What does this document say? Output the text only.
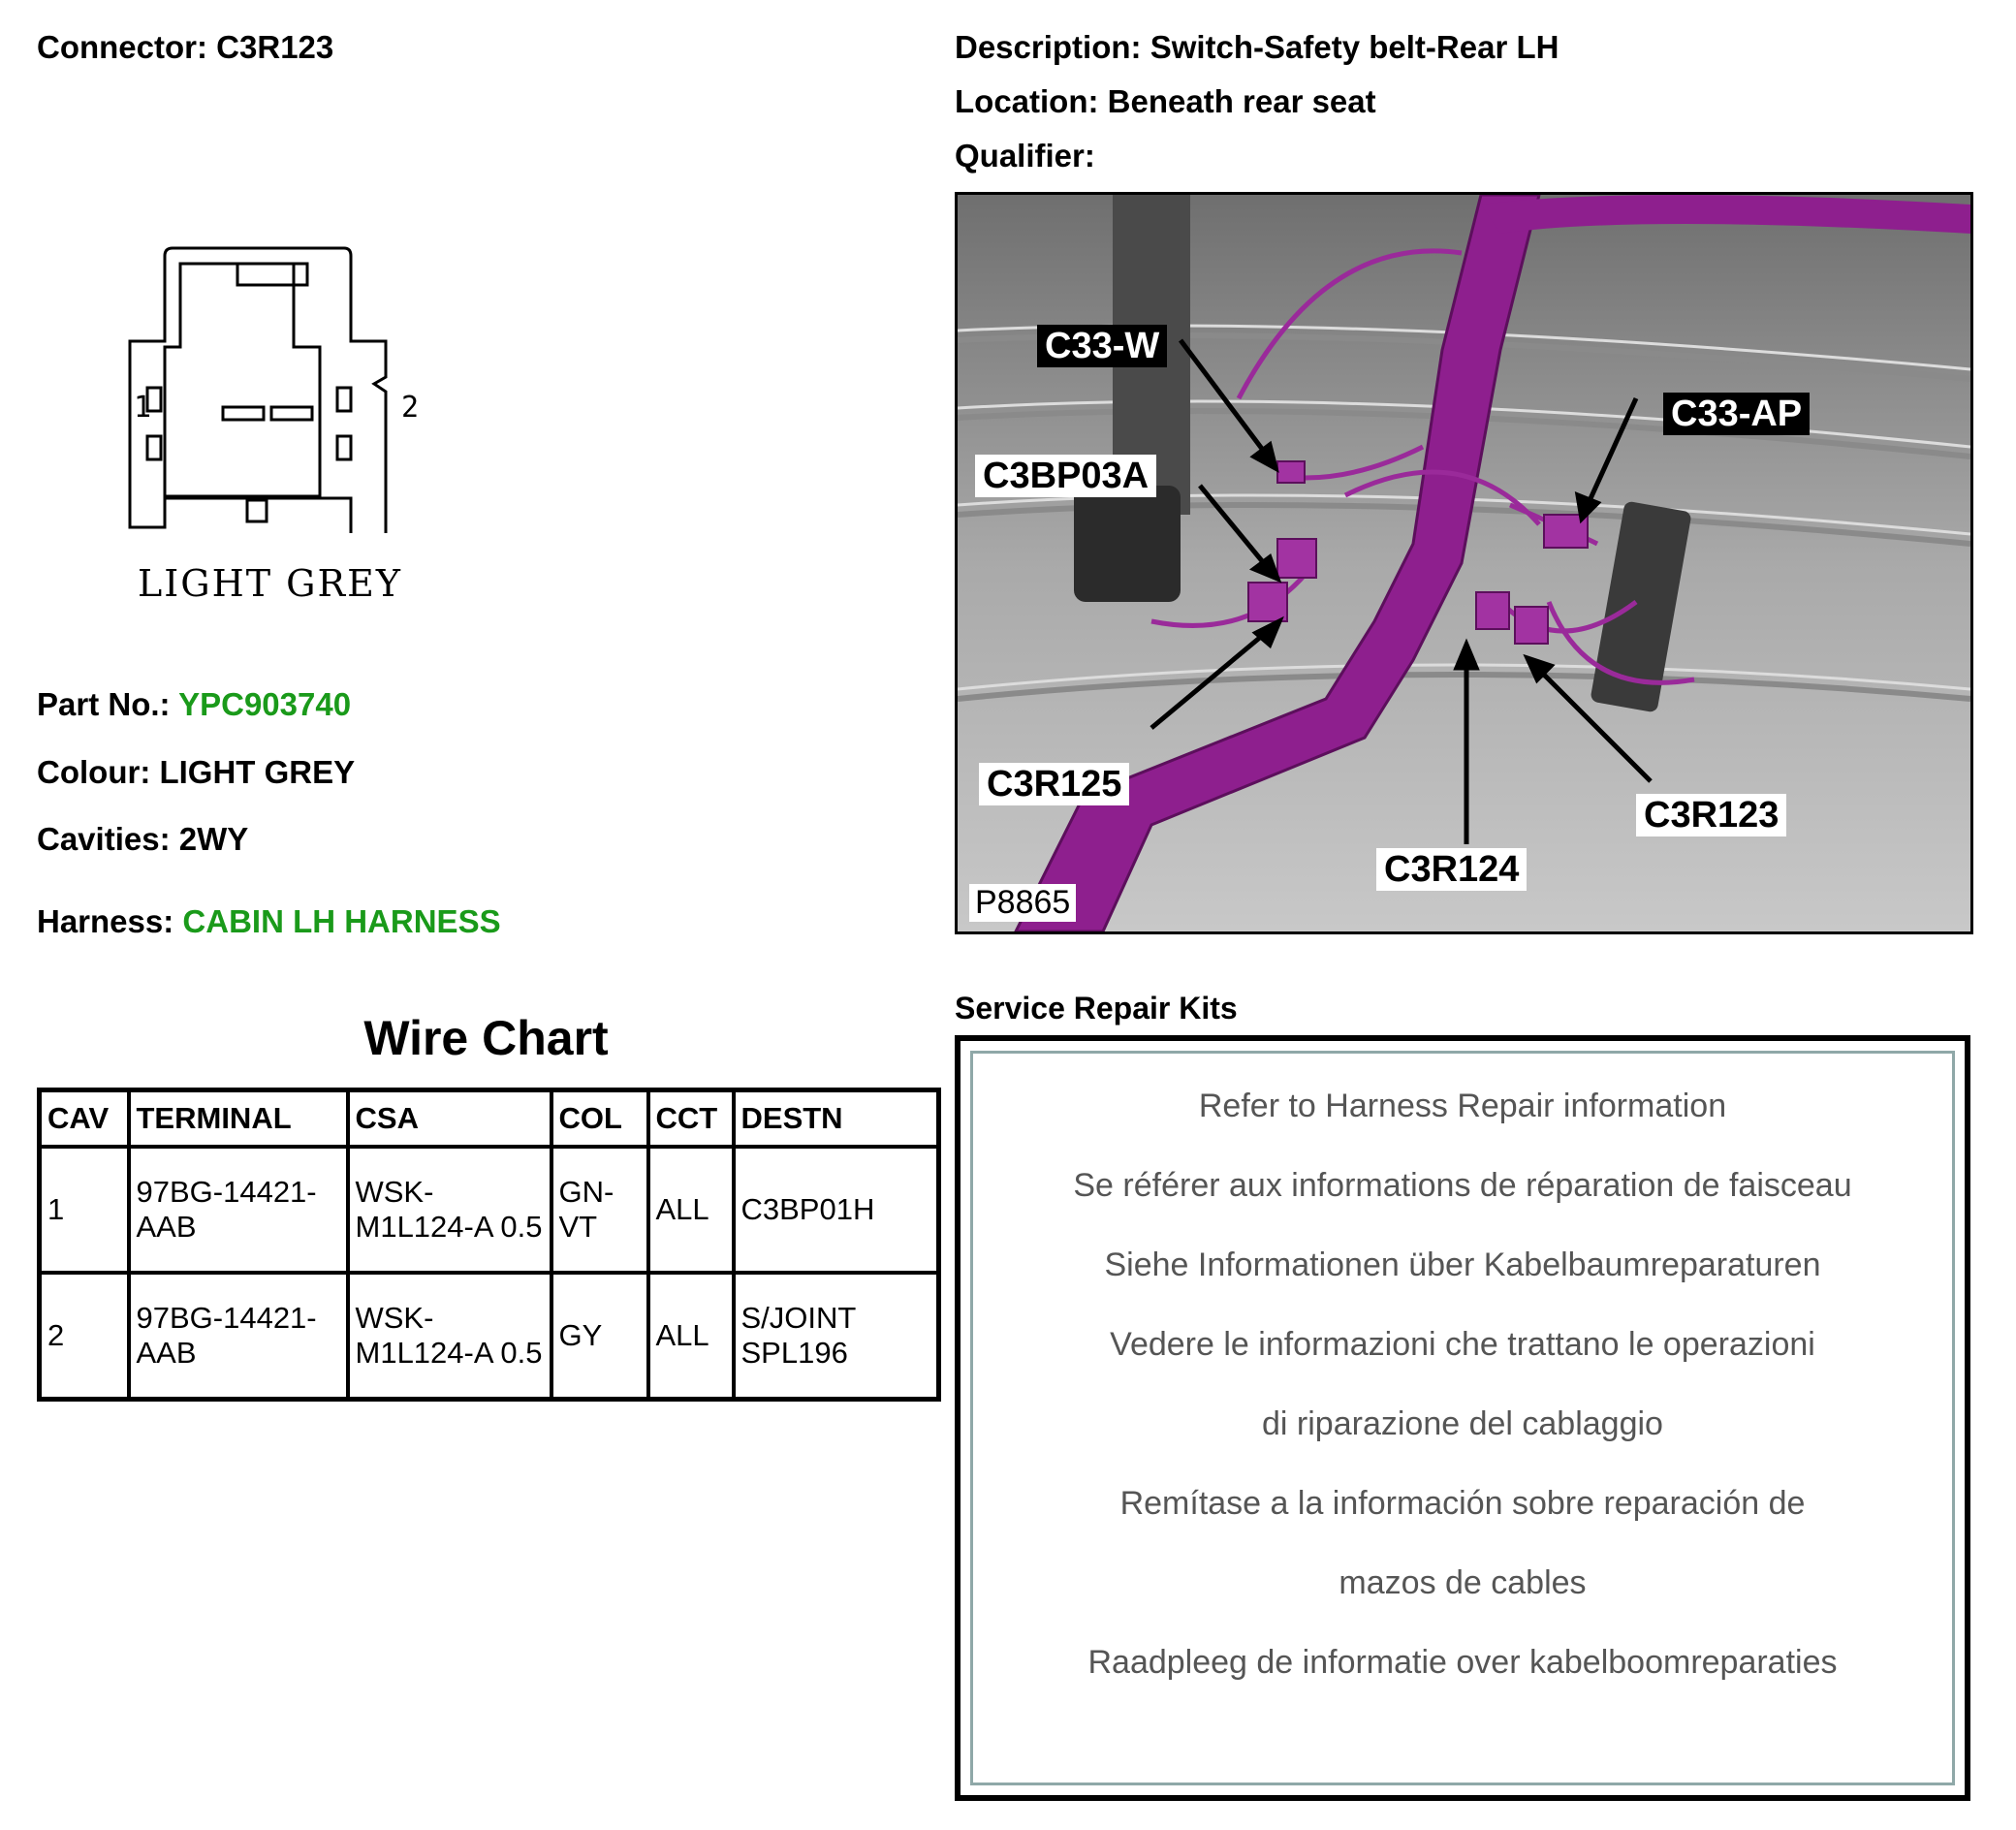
Connector: C3R123	Description: Switch-Safety belt-Rear LH
Location: Beneath rear seat
Qualifier:
1	2
LIGHT GREY
Part No.: YPC903740
Colour: LIGHT GREY
Cavities: 2WY
Harness: CABIN LH HARNESS
Wire Chart
CAV	TERMINAL	CSA	COL	CCT	DESTN
1	97BG-14421-AAB	WSK-M1L124-A 0.5	GN-VT	ALL	C3BP01H
2	97BG-14421-AAB	WSK-M1L124-A 0.5	GY	ALL	S/JOINT SPL196
C33-W
C33-AP
C3BP03A
C3R125
C3R124
C3R123
P8865
Service Repair Kits
Refer to Harness Repair information
Se référer aux informations de réparation de faisceau
Siehe Informationen über Kabelbaumreparaturen
Vedere le informazioni che trattano le operazioni
di riparazione del cablaggio
Remítase a la información sobre reparación de
mazos de cables
Raadpleeg de informatie over kabelboomreparaties
